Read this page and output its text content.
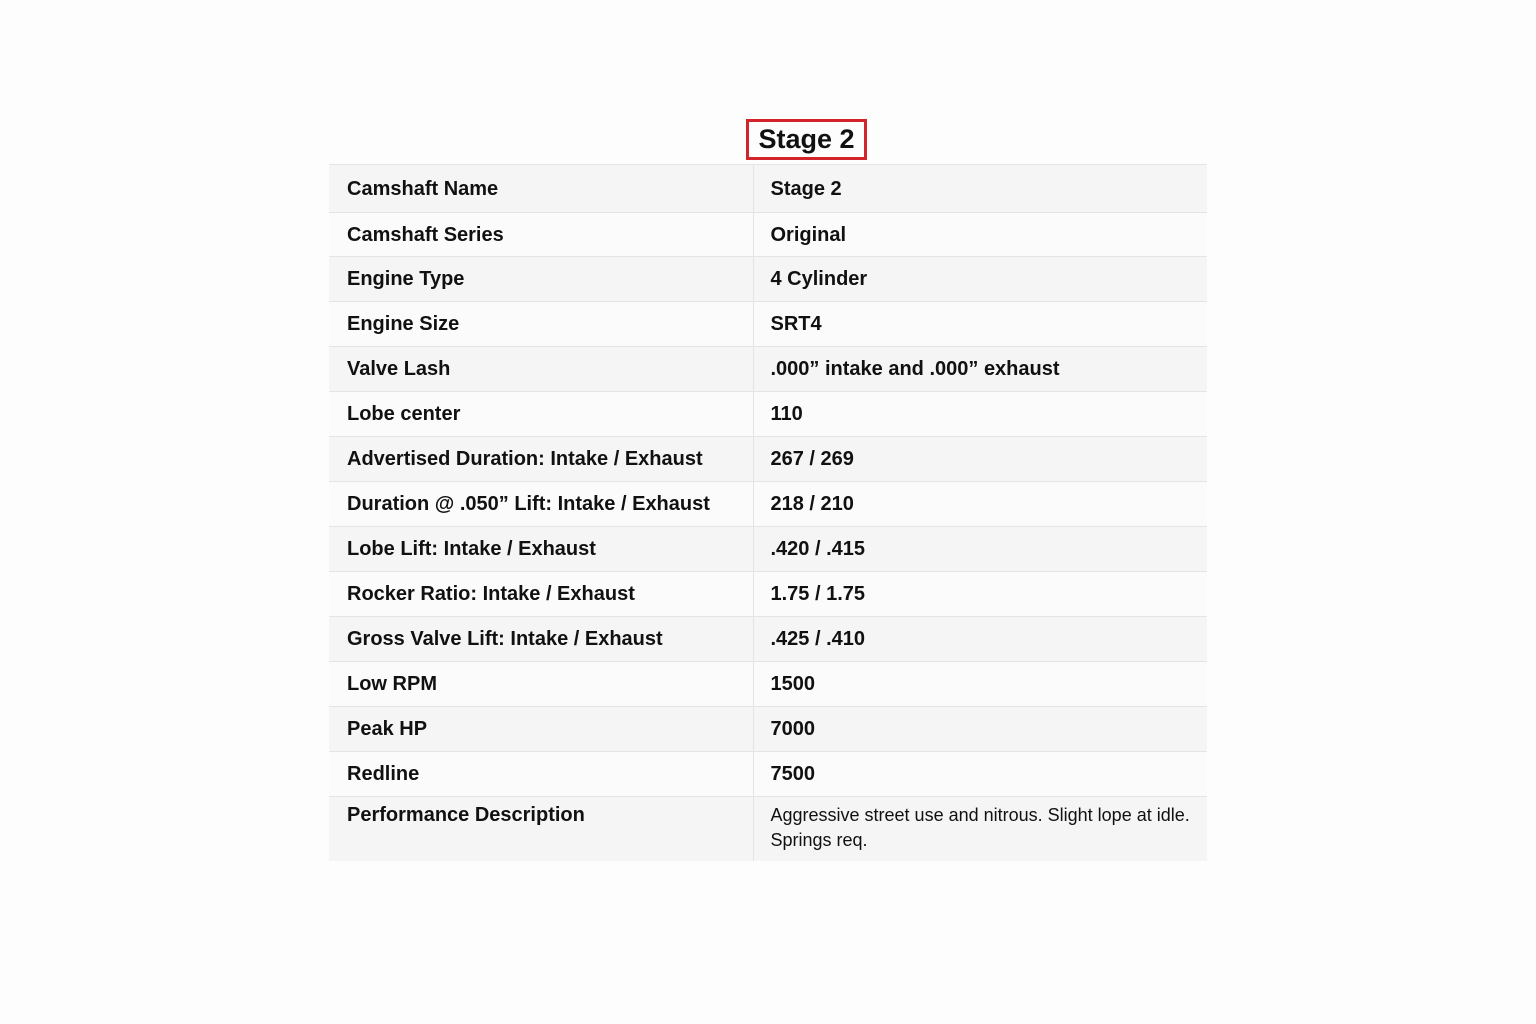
Stage 2
Camshaft Name	Stage 2
Camshaft Series	Original
Engine Type	4 Cylinder
Engine Size	SRT4
Valve Lash	.000” intake and .000” exhaust
Lobe center	110
Advertised Duration: Intake / Exhaust	267 / 269
Duration @ .050” Lift: Intake / Exhaust	218 / 210
Lobe Lift: Intake / Exhaust	.420 / .415
Rocker Ratio: Intake / Exhaust	1.75 / 1.75
Gross Valve Lift: Intake / Exhaust	.425 / .410
Low RPM	1500
Peak HP	7000
Redline	7500
Performance Description	Aggressive street use and nitrous. Slight lope at idle. Springs req.
